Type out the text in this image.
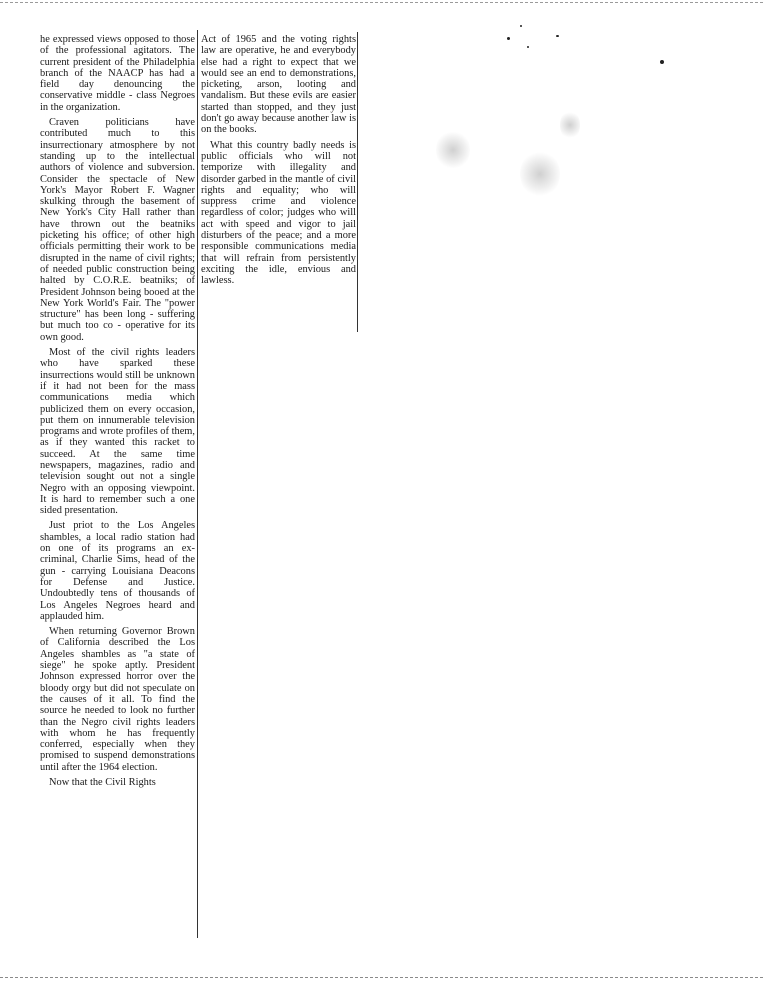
he expressed views opposed to those of the professional agitators. The current president of the Philadelphia branch of the NAACP has had a field day denouncing the conservative middle - class Negroes in the organization.

Craven politicians have contributed much to this insurrectionary atmosphere by not standing up to the intellectual authors of violence and subversion. Consider the spectacle of New York's Mayor Robert F. Wagner skulking through the basement of New York's City Hall rather than have thrown out the beatniks picketing his office; of other high officials permitting their work to be disrupted in the name of civil rights; of needed public construction being halted by C.O.R.E. beatniks; of President Johnson being booed at the New York World's Fair. The "power structure" has been long - suffering but much too co - operative for its own good.

Most of the civil rights leaders who have sparked these insurrections would still be unknown if it had not been for the mass communications media which publicized them on every occasion, put them on innumerable television programs and wrote profiles of them, as if they wanted this racket to succeed. At the same time newspapers, magazines, radio and television sought out not a single Negro with an opposing viewpoint. It is hard to remember such a one sided presentation.

Just priot to the Los Angeles shambles, a local radio station had on one of its programs an ex-criminal, Charlie Sims, head of the gun - carrying Louisiana Deacons for Defense and Justice. Undoubtedly tens of thousands of Los Angeles Negroes heard and applauded him.

When returning Governor Brown of California described the Los Angeles shambles as "a state of siege" he spoke aptly. President Johnson expressed horror over the bloody orgy but did not speculate on the causes of it all. To find the source he needed to look no further than the Negro civil rights leaders with whom he has frequently conferred, especially when they promised to suspend demonstrations until after the 1964 election.

Now that the Civil Rights

Act of 1965 and the voting rights law are operative, he and everybody else had a right to expect that we would see an end to demonstrations, picketing, arson, looting and vandalism. But these evils are easier started than stopped, and they just don't go away because another law is on the books.

What this country badly needs is public officials who will not temporize with illegality and disorder garbed in the mantle of civil rights and equality; who will suppress crime and violence regardless of color; judges who will act with speed and vigor to jail disturbers of the peace; and a more responsible communications media that will refrain from persistently exciting the idle, envious and lawless.
